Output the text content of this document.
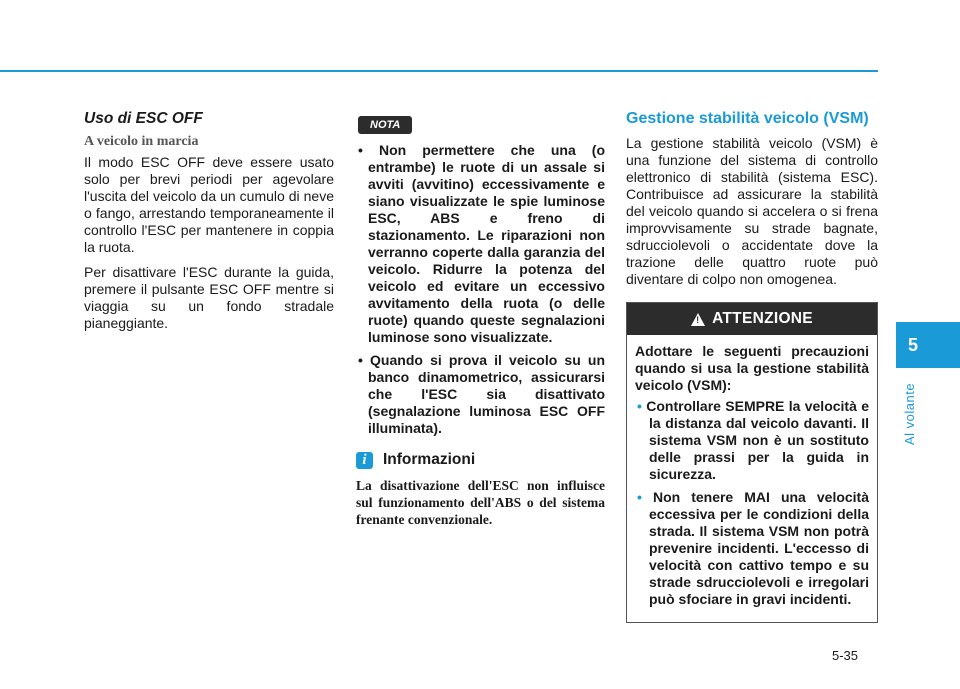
Uso di ESC OFF
A veicolo in marcia

Il modo ESC OFF deve essere usato solo per brevi periodi per agevolare l'uscita del veicolo da un cumulo di neve o fango, arrestando temporaneamente il controllo l'ESC per mantenere in coppia la ruota.

Per disattivare l'ESC durante la guida, premere il pulsante ESC OFF mentre si viaggia su un fondo stradale pianeggiante.

NOTA
• Non permettere che una (o entrambe) le ruote di un assale si avviti (avvitino) eccessivamente e siano visualizzate le spie luminose ESC, ABS e freno di stazionamento. Le riparazioni non verranno coperte dalla garanzia del veicolo. Ridurre la potenza del veicolo ed evitare un eccessivo avvitamento della ruota (o delle ruote) quando queste segnalazioni luminose sono visualizzate.
• Quando si prova il veicolo su un banco dinamometrico, assicurarsi che l'ESC sia disattivato (segnalazione luminosa ESC OFF illuminata).
i	Informazioni

La disattivazione dell'ESC non influisce sul funzionamento dell'ABS o del sistema frenante convenzionale.

Gestione stabilità veicolo (VSM)

La gestione stabilità veicolo (VSM) è una funzione del sistema di controllo elettronico di stabilità (sistema ESC). Contribuisce ad assicurare la stabilità del veicolo quando si accelera o si frena improvvisamente su strade bagnate, sdrucciolevoli o accidentate dove la trazione delle quattro ruote può diventare di colpo non omogenea.

! ATTENZIONE

Adottare le seguenti precauzioni quando si usa la gestione stabilità veicolo (VSM):

• Controllare SEMPRE la velocità e la distanza dal veicolo davanti. Il sistema VSM non è un sostituto delle prassi per la guida in sicurezza.
• Non tenere MAI una velocità eccessiva per le condizioni della strada. Il sistema VSM non potrà prevenire incidenti. L'eccesso di velocità con cattivo tempo e su strade sdrucciolevoli e irregolari può sfociare in gravi incidenti.
5
Al volante
5-35
